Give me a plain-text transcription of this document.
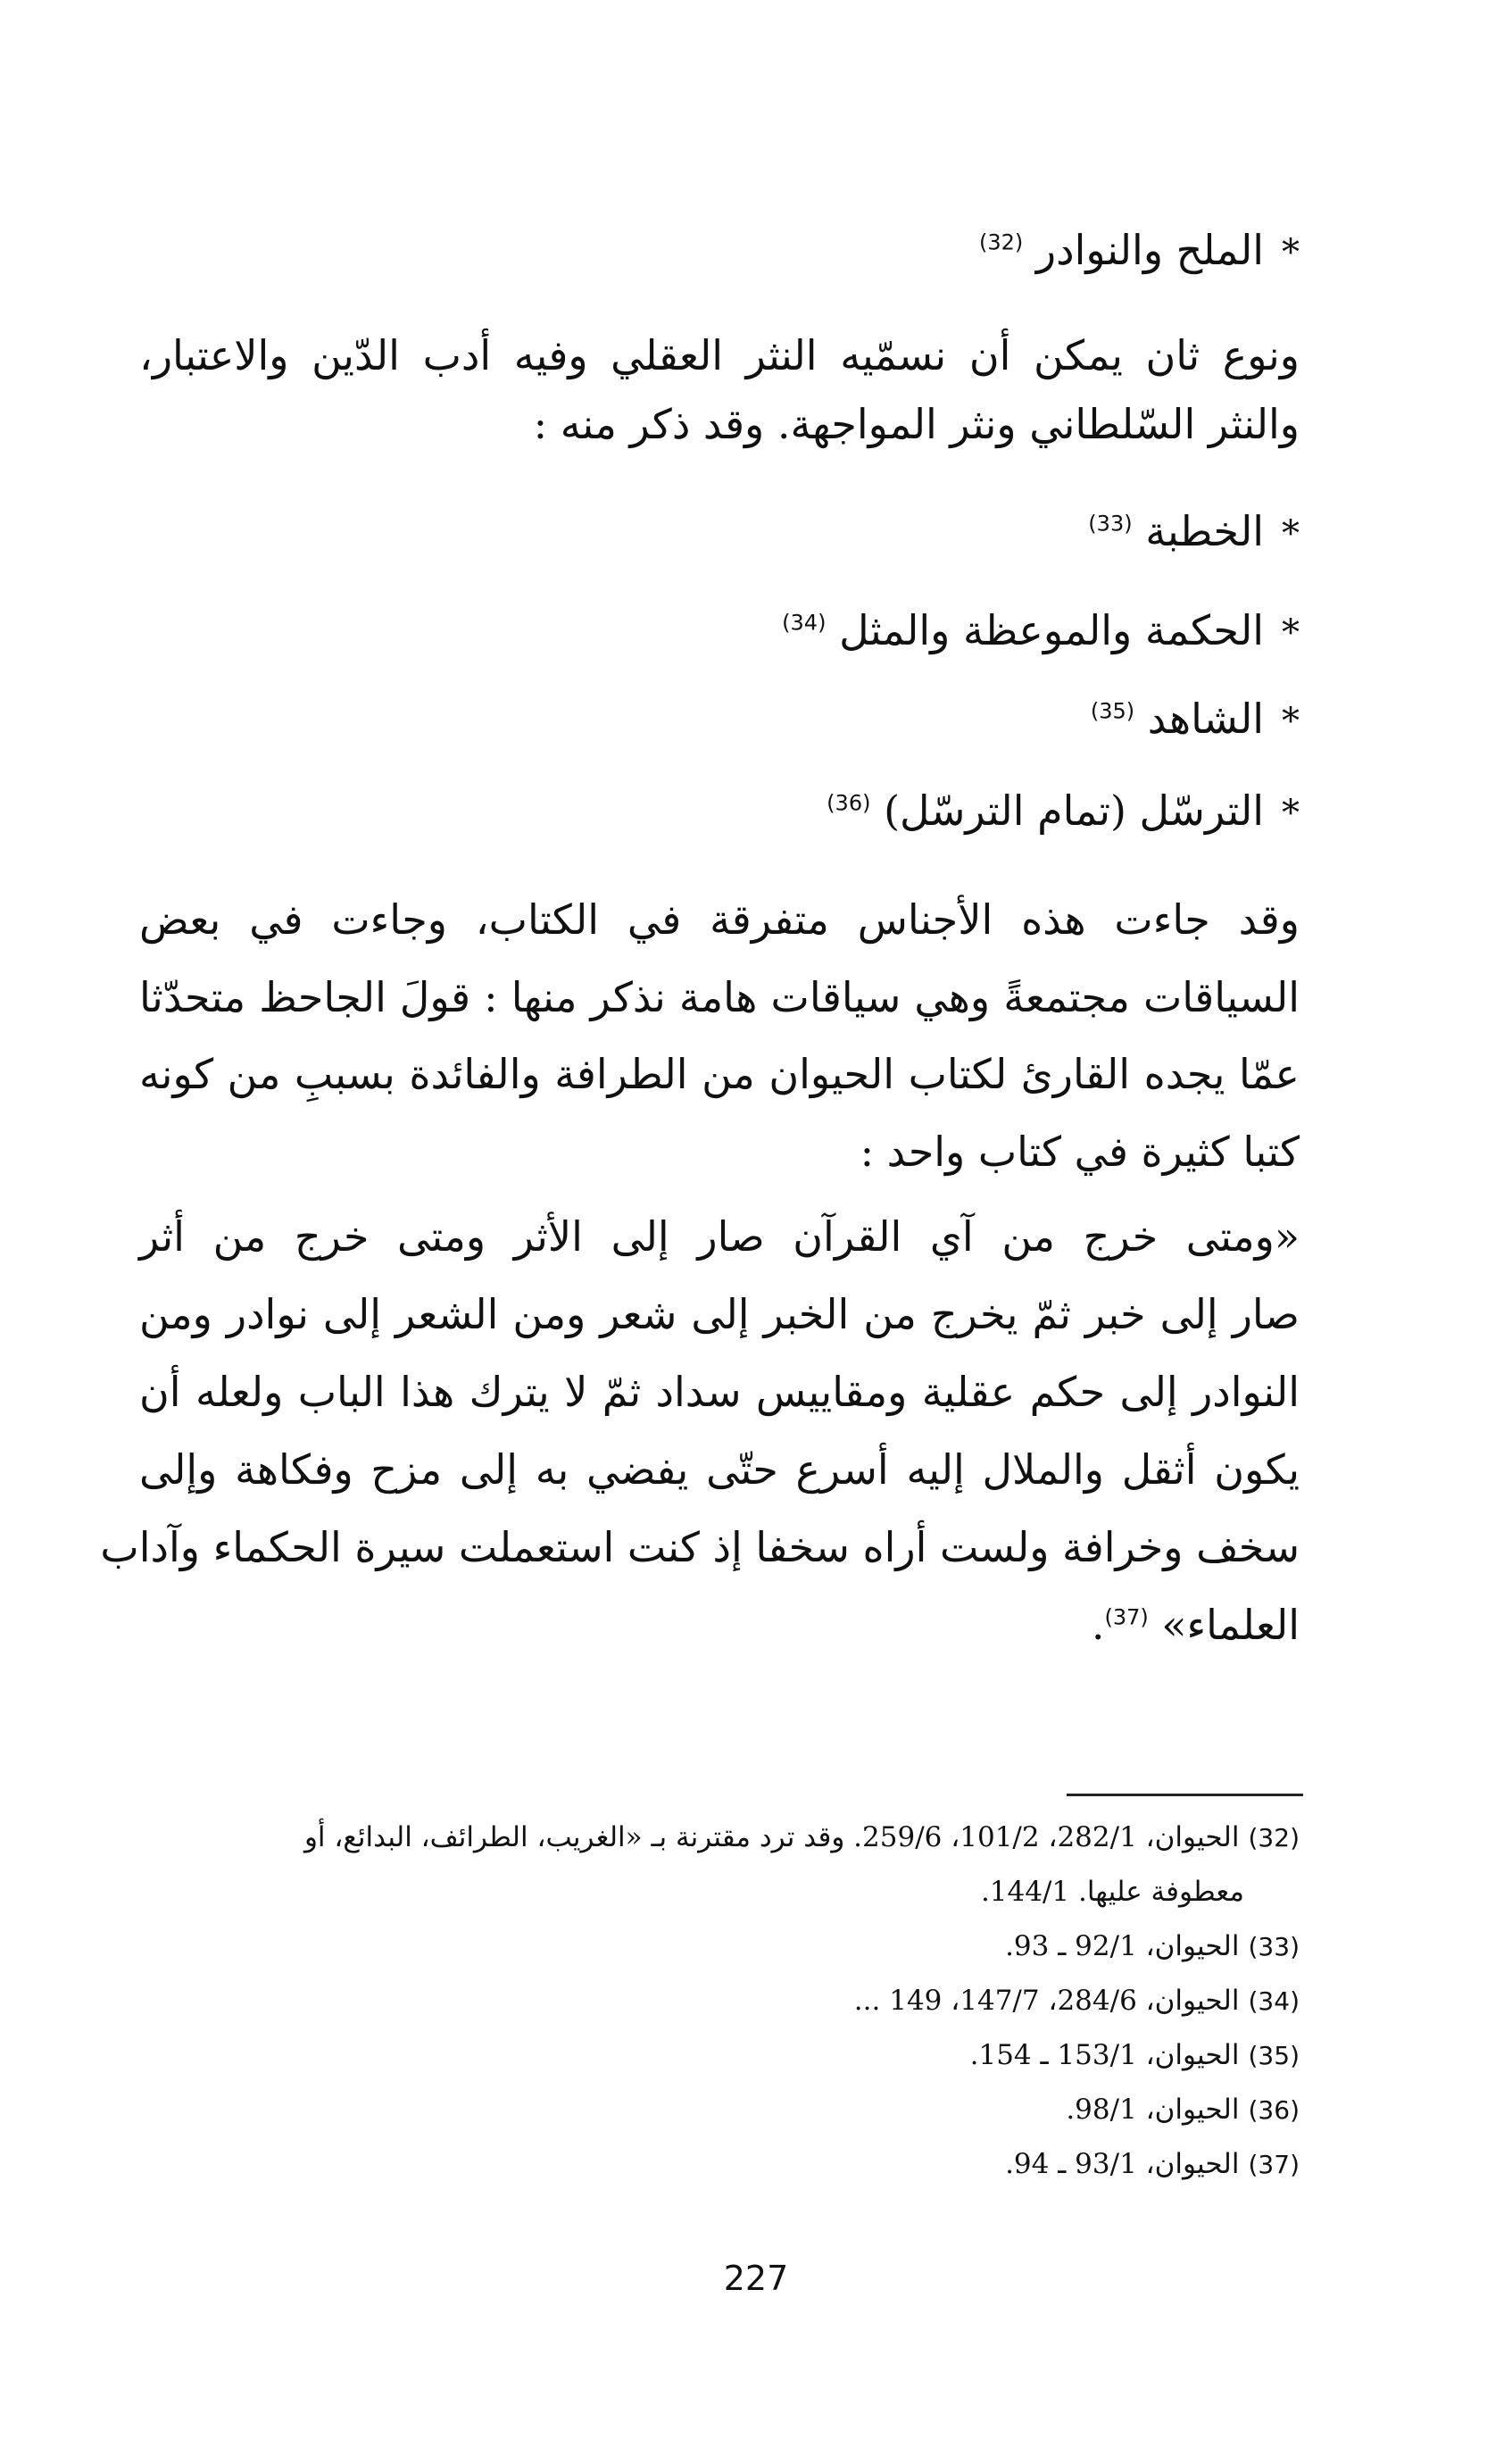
*الملح والنوادر $^{(32)}$
ونوع ثان يمكن أن نسمّيه النثر العقلي وفيه أدب الدّين والاعتبار،
والنثر السّلطاني ونثر المواجهة. وقد ذكر منه :
*الخطبة $^{(33)}$
*الحكمة والموعظة والمثل $^{(34)}$
*الشاهد $^{(35)}$
*الترسّل (تمام الترسّل) $^{(36)}$
وقد جاءت هذه الأجناس متفرقة في الكتاب، وجاءت في بعض
السياقات مجتمعةً وهي سياقات هامة نذكر منها : قولَ الجاحظ متحدّثا
عمّا يجده القارئ لكتاب الحيوان من الطرافة والفائدة بسببِ من كونه
كتبا كثيرة في كتاب واحد :
«ومتى خرج من آي القرآن صار إلى الأثر ومتى خرج من أثر
صار إلى خبر ثمّ يخرج من الخبر إلى شعر ومن الشعر إلى نوادر ومن
النوادر إلى حكم عقلية ومقاييس سداد ثمّ لا يترك هذا الباب ولعله أن
يكون أثقل والملال إليه أسرع حتّى يفضي به إلى مزح وفكاهة وإلى
سخف وخرافة ولست أراه سخفا إذ كنت استعملت سيرة الحكماء وآداب
العلماء» $^{(37)}$.
(32)الحيوان، 282/1، 101/2، 259/6. وقد ترد مقترنة بـ «الغريب، الطرائف، البدائع، أو
معطوفة عليها. 144/1.
(33)الحيوان، 92/1 ـ 93.
(34)الحيوان، 284/6، 147/7، 149 ...
(35)الحيوان، 153/1 ـ 154.
(36)الحيوان، 98/1.
(37)الحيوان، 93/1 ـ 94.
227
